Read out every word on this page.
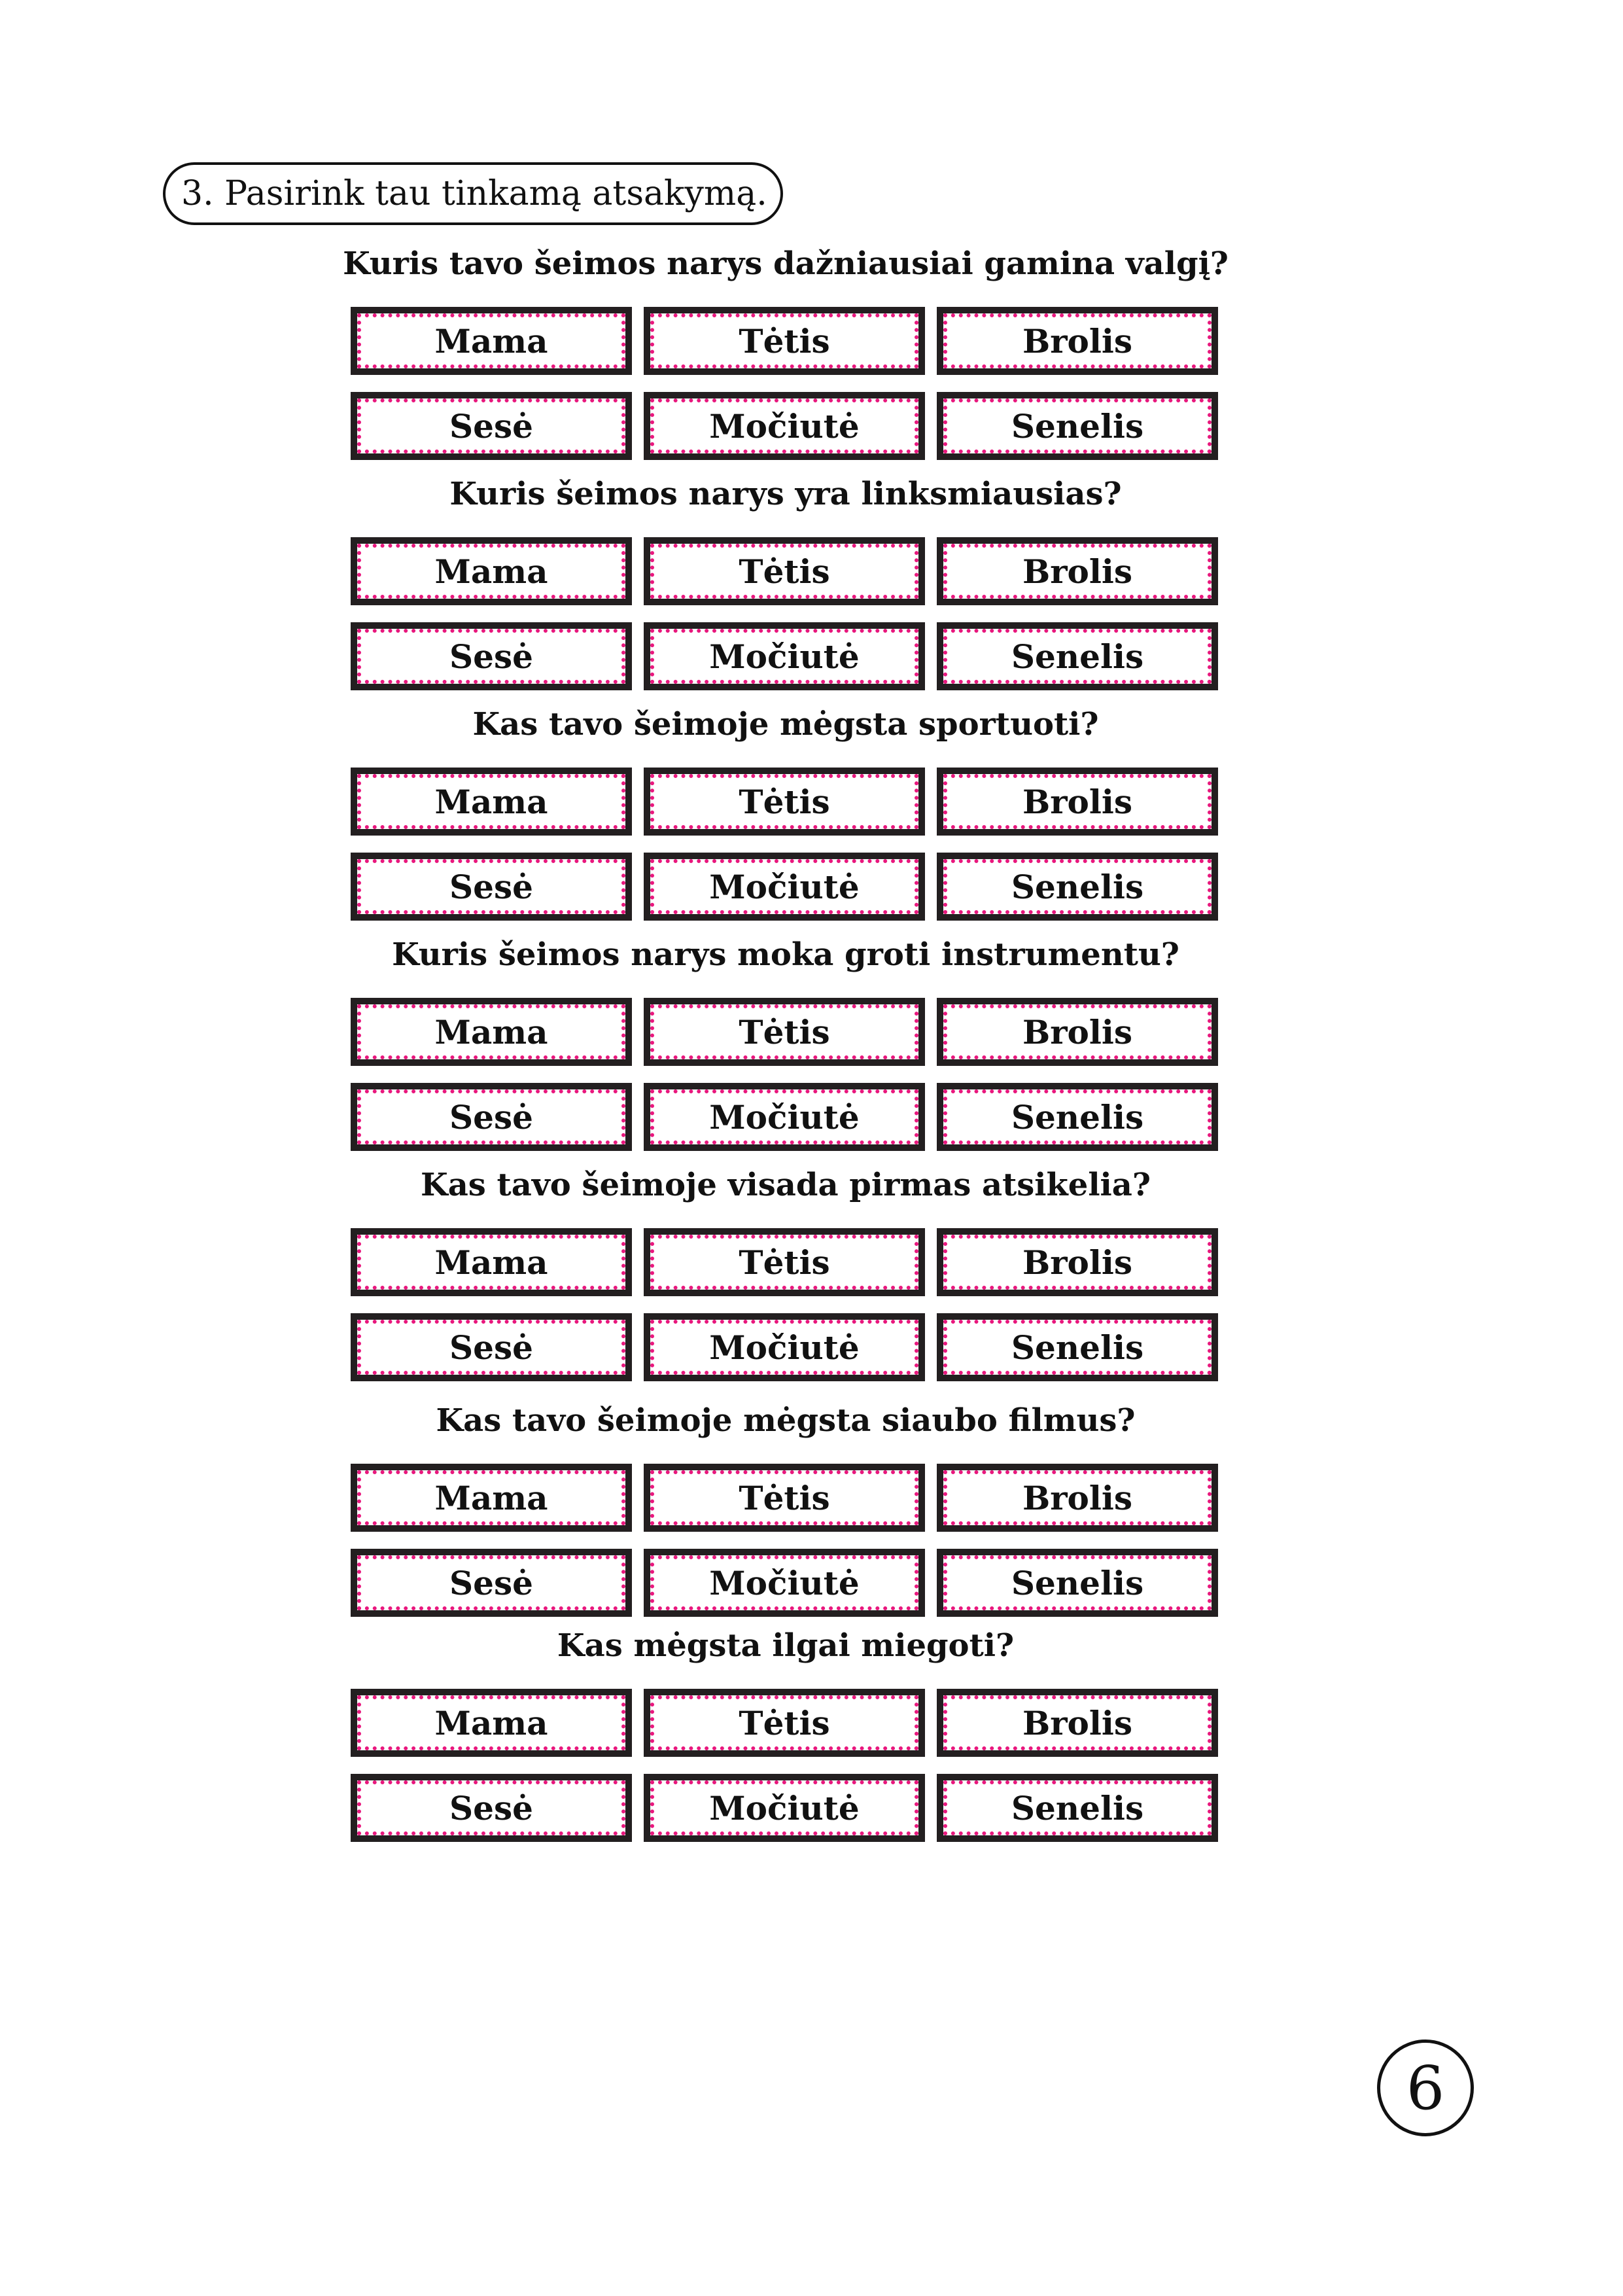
3. Pasirink tau tinkamą atsakymą.
Kuris tavo šeimos narys dažniausiai gamina valgį?
Mama	Tėtis	Brolis
Sesė	Močiutė	Senelis
Kuris šeimos narys yra linksmiausias?
Mama	Tėtis	Brolis
Sesė	Močiutė	Senelis
Kas tavo šeimoje mėgsta sportuoti?
Mama	Tėtis	Brolis
Sesė	Močiutė	Senelis
Kuris šeimos narys moka groti instrumentu?
Mama	Tėtis	Brolis
Sesė	Močiutė	Senelis
Kas tavo šeimoje visada pirmas atsikelia?
Mama	Tėtis	Brolis
Sesė	Močiutė	Senelis
Kas tavo šeimoje mėgsta siaubo filmus?
Mama	Tėtis	Brolis
Sesė	Močiutė	Senelis
Kas mėgsta ilgai miegoti?
Mama	Tėtis	Brolis
Sesė	Močiutė	Senelis
6
